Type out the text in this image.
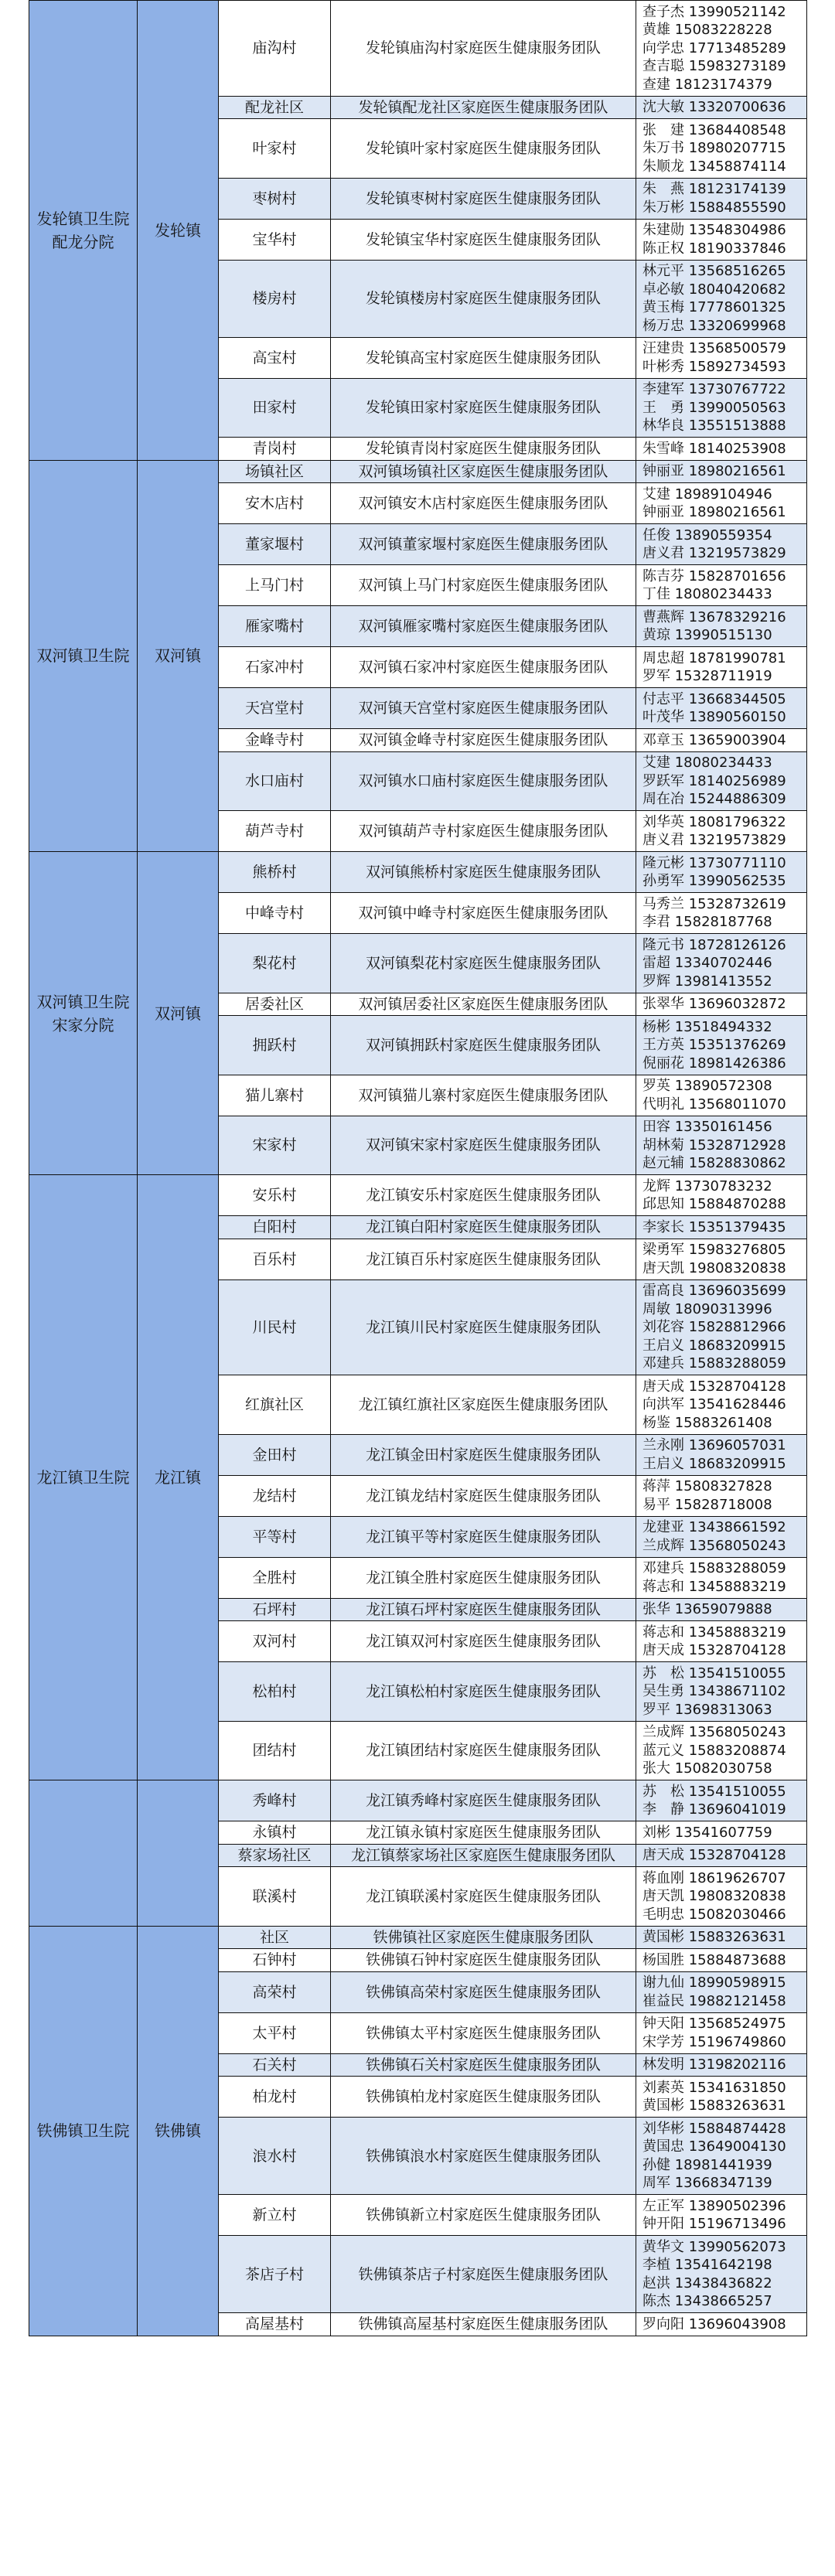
发轮镇卫生院配龙分院	发轮镇	庙沟村	发轮镇庙沟村家庭医生健康服务团队	查子杰 13990521142
黄雄 15083228228
向学忠 17713485289
查吉聪 15983273189
查建 18123174379

		配龙社区	发轮镇配龙社区家庭医生健康服务团队	沈大敏 13320700636

		叶家村	发轮镇叶家村家庭医生健康服务团队	张　建 13684408548
朱万书 18980207715
朱顺龙 13458874114

		枣树村	发轮镇枣树村家庭医生健康服务团队	朱　燕 18123174139
朱万彬 15884855590

		宝华村	发轮镇宝华村家庭医生健康服务团队	朱建勋 13548304986
陈正权 18190337846

		楼房村	发轮镇楼房村家庭医生健康服务团队	林元平 13568516265
卓必敏 18040420682
黄玉梅 17778601325
杨万忠 13320699968

		高宝村	发轮镇高宝村家庭医生健康服务团队	汪建贵 13568500579
叶彬秀 15892734593

		田家村	发轮镇田家村家庭医生健康服务团队	李建军 13730767722
王　勇 13990050563
林华良 13551513888

		青岗村	发轮镇青岗村家庭医生健康服务团队	朱雪峰 18140253908

双河镇卫生院	双河镇	场镇社区	双河镇场镇社区家庭医生健康服务团队	钟丽亚 18980216561

		安木店村	双河镇安木店村家庭医生健康服务团队	艾建 18989104946
钟丽亚 18980216561

		董家堰村	双河镇董家堰村家庭医生健康服务团队	任俊 13890559354
唐义君 13219573829

		上马门村	双河镇上马门村家庭医生健康服务团队	陈吉芬 15828701656
丁佳 18080234433

		雁家嘴村	双河镇雁家嘴村家庭医生健康服务团队	曹燕辉 13678329216
黄琼 13990515130

		石家冲村	双河镇石家冲村家庭医生健康服务团队	周忠超 18781990781
罗军 15328711919

		天宫堂村	双河镇天宫堂村家庭医生健康服务团队	付志平 13668344505
叶茂华 13890560150

		金峰寺村	双河镇金峰寺村家庭医生健康服务团队	邓章玉 13659003904

		水口庙村	双河镇水口庙村家庭医生健康服务团队	艾建 18080234433
罗跃军 18140256989
周在冶 15244886309

		葫芦寺村	双河镇葫芦寺村家庭医生健康服务团队	刘华英 18081796322
唐义君 13219573829

双河镇卫生院宋家分院	双河镇	熊桥村	双河镇熊桥村家庭医生健康服务团队	隆元彬 13730771110
孙勇军 13990562535

		中峰寺村	双河镇中峰寺村家庭医生健康服务团队	马秀兰 15328732619
李君 15828187768

		梨花村	双河镇梨花村家庭医生健康服务团队	隆元书 18728126126
雷超 13340702446
罗辉 13981413552

		居委社区	双河镇居委社区家庭医生健康服务团队	张翠华 13696032872

		拥跃村	双河镇拥跃村家庭医生健康服务团队	杨彬 13518494332
王方英 15351376269
倪丽花 18981426386

		猫儿寨村	双河镇猫儿寨村家庭医生健康服务团队	罗英 13890572308
代明礼 13568011070

		宋家村	双河镇宋家村家庭医生健康服务团队	田容 13350161456
胡林菊 15328712928
赵元辅 15828830862

龙江镇卫生院	龙江镇	安乐村	龙江镇安乐村家庭医生健康服务团队	龙辉 13730783232
邱思知 15884870288

		白阳村	龙江镇白阳村家庭医生健康服务团队	李家长 15351379435

		百乐村	龙江镇百乐村家庭医生健康服务团队	梁勇军 15983276805
唐天凯 19808320838

		川民村	龙江镇川民村家庭医生健康服务团队	雷高良 13696035699
周敏 18090313996
刘花容 15828812966
王启义 18683209915
邓建兵 15883288059

		红旗社区	龙江镇红旗社区家庭医生健康服务团队	唐天成 15328704128
向洪军 13541628446
杨鉴 15883261408

		金田村	龙江镇金田村家庭医生健康服务团队	兰永刚 13696057031
王启义 18683209915

		龙结村	龙江镇龙结村家庭医生健康服务团队	蒋萍 15808327828
易平 15828718008

		平等村	龙江镇平等村家庭医生健康服务团队	龙建亚 13438661592
兰成辉 13568050243

		全胜村	龙江镇全胜村家庭医生健康服务团队	邓建兵 15883288059
蒋志和 13458883219

		石坪村	龙江镇石坪村家庭医生健康服务团队	张华 13659079888

		双河村	龙江镇双河村家庭医生健康服务团队	蒋志和 13458883219
唐天成 15328704128

		松柏村	龙江镇松柏村家庭医生健康服务团队	苏　松 13541510055
吴生勇 13438671102
罗平 13698313063

		团结村	龙江镇团结村家庭医生健康服务团队	兰成辉 13568050243
蓝元义 15883208874
张大 15082030758

		秀峰村	龙江镇秀峰村家庭医生健康服务团队	苏　松 13541510055
李　静 13696041019

		永镇村	龙江镇永镇村家庭医生健康服务团队	刘彬 13541607759

		蔡家场社区	龙江镇蔡家场社区家庭医生健康服务团队	唐天成 15328704128

		联溪村	龙江镇联溪村家庭医生健康服务团队	蒋血刚 18619626707
唐天凯 19808320838
毛明忠 15082030466

铁佛镇卫生院	铁佛镇	社区	铁佛镇社区家庭医生健康服务团队	黄国彬 15883263631

		石钟村	铁佛镇石钟村家庭医生健康服务团队	杨国胜 15884873688

		高荣村	铁佛镇高荣村家庭医生健康服务团队	谢九仙 18990598915
崔益民 19882121458

		太平村	铁佛镇太平村家庭医生健康服务团队	钟天阳 13568524975
宋学芳 15196749860

		石关村	铁佛镇石关村家庭医生健康服务团队	林发明 13198202116

		柏龙村	铁佛镇柏龙村家庭医生健康服务团队	刘素英 15341631850
黄国彬 15883263631

		浪水村	铁佛镇浪水村家庭医生健康服务团队	刘华彬 15884874428
黄国忠 13649004130
孙健 18981441939
周军 13668347139

		新立村	铁佛镇新立村家庭医生健康服务团队	左正军 13890502396
钟开阳 15196713496

		茶店子村	铁佛镇茶店子村家庭医生健康服务团队	黄华文 13990562073
李植 13541642198
赵洪 13438436822
陈杰 13438665257

		高屋基村	铁佛镇高屋基村家庭医生健康服务团队	罗向阳 13696043908
